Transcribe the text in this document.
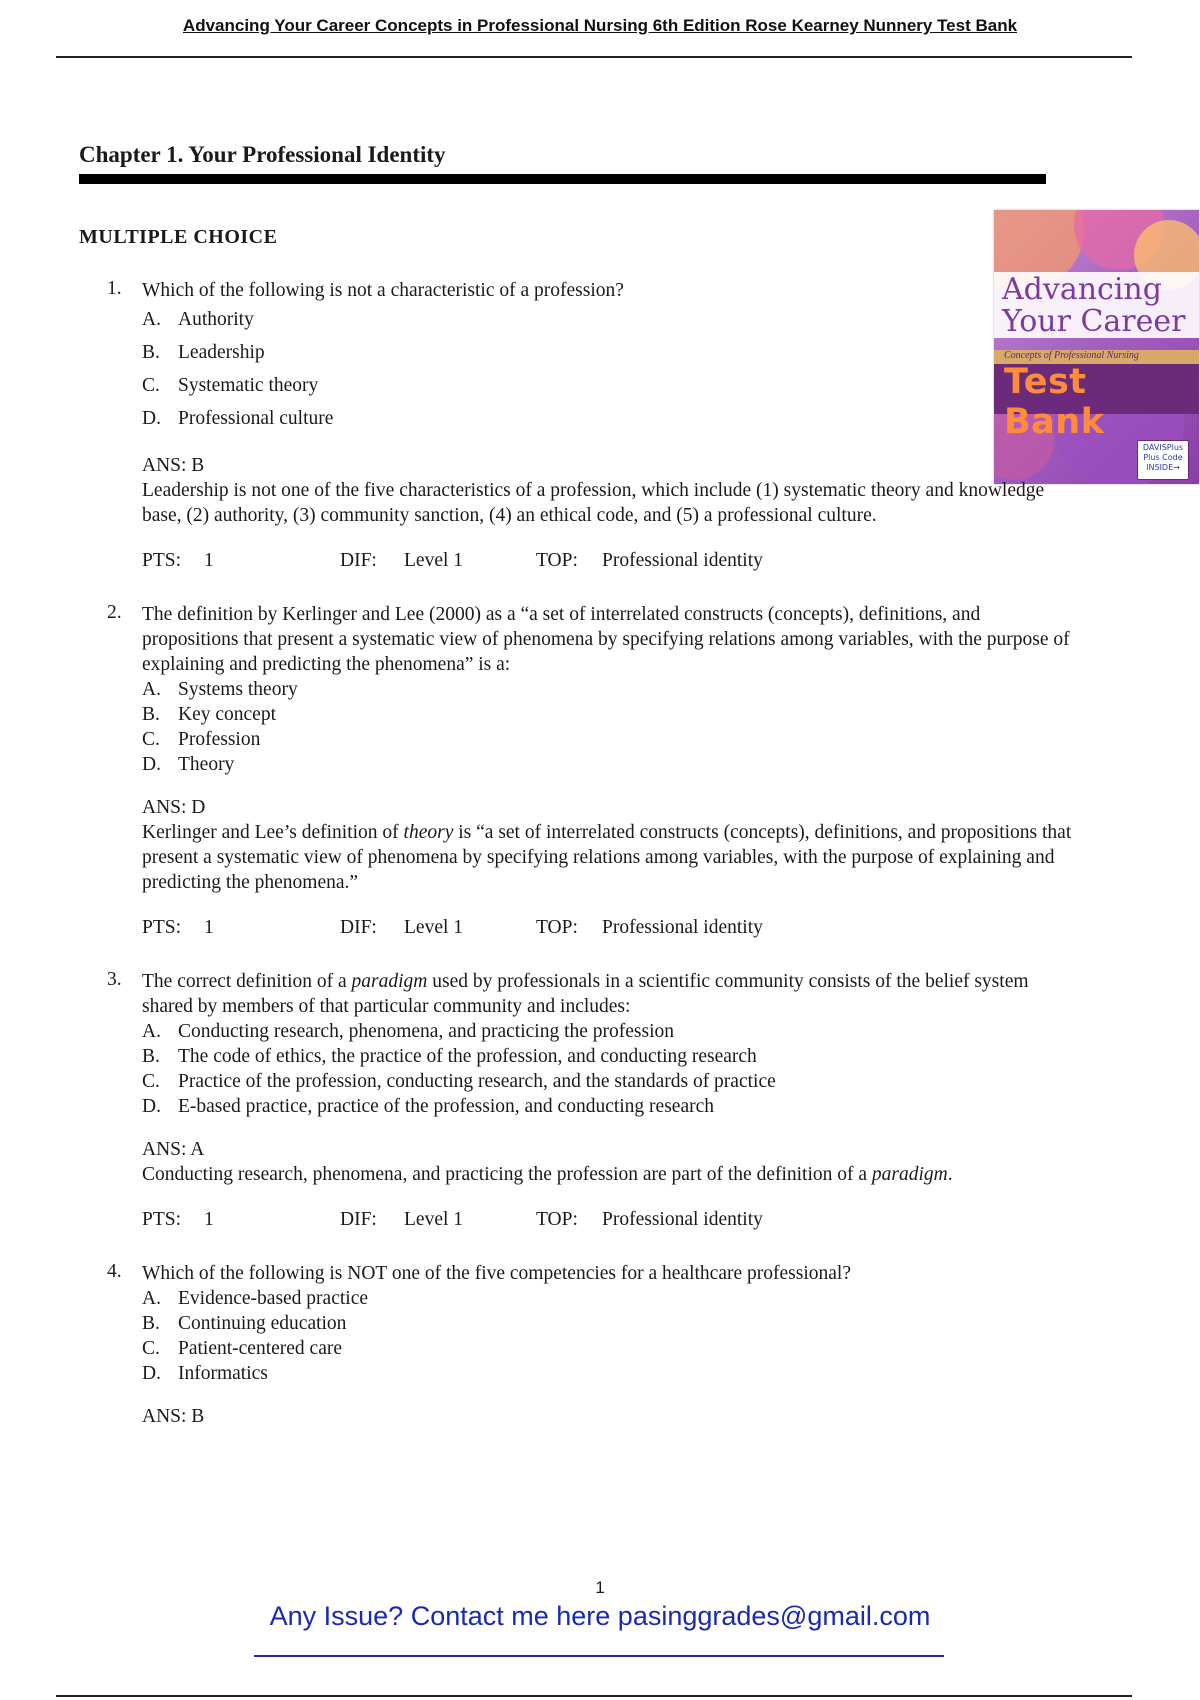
Advancing Your Career Concepts in Professional Nursing 6th Edition Rose Kearney Nunnery Test Bank
Chapter 1. Your Professional Identity
MULTIPLE CHOICE
Advancing
Your Career
Concepts of Professional Nursing
Test Bank
DAVISPlus
Plus Code
INSIDE→
1. Which of the following is not a characteristic of a profession?
A. Authority
B. Leadership
C. Systematic theory
D. Professional culture
ANS: B
Leadership is not one of the five characteristics of a profession, which include (1) systematic theory and knowledge base, (2) authority, (3) community sanction, (4) an ethical code, and (5) a professional culture.
PTS: 1	DIF: Level 1	TOP: Professional identity
2. The definition by Kerlinger and Lee (2000) as a “a set of interrelated constructs (concepts), definitions, and propositions that present a systematic view of phenomena by specifying relations among variables, with the purpose of explaining and predicting the phenomena” is a:
A. Systems theory
B. Key concept
C. Profession
D. Theory
ANS: D
Kerlinger and Lee’s definition of theory is “a set of interrelated constructs (concepts), definitions, and propositions that present a systematic view of phenomena by specifying relations among variables, with the purpose of explaining and predicting the phenomena.”
PTS: 1	DIF: Level 1	TOP: Professional identity
3. The correct definition of a paradigm used by professionals in a scientific community consists of the belief system shared by members of that particular community and includes:
A. Conducting research, phenomena, and practicing the profession
B. The code of ethics, the practice of the profession, and conducting research
C. Practice of the profession, conducting research, and the standards of practice
D. E-based practice, practice of the profession, and conducting research
ANS: A
Conducting research, phenomena, and practicing the profession are part of the definition of a paradigm.
PTS: 1	DIF: Level 1	TOP: Professional identity
4. Which of the following is NOT one of the five competencies for a healthcare professional?
A. Evidence-based practice
B. Continuing education
C. Patient-centered care
D. Informatics
ANS: B
1
Any Issue? Contact me here pasinggrades@gmail.com
